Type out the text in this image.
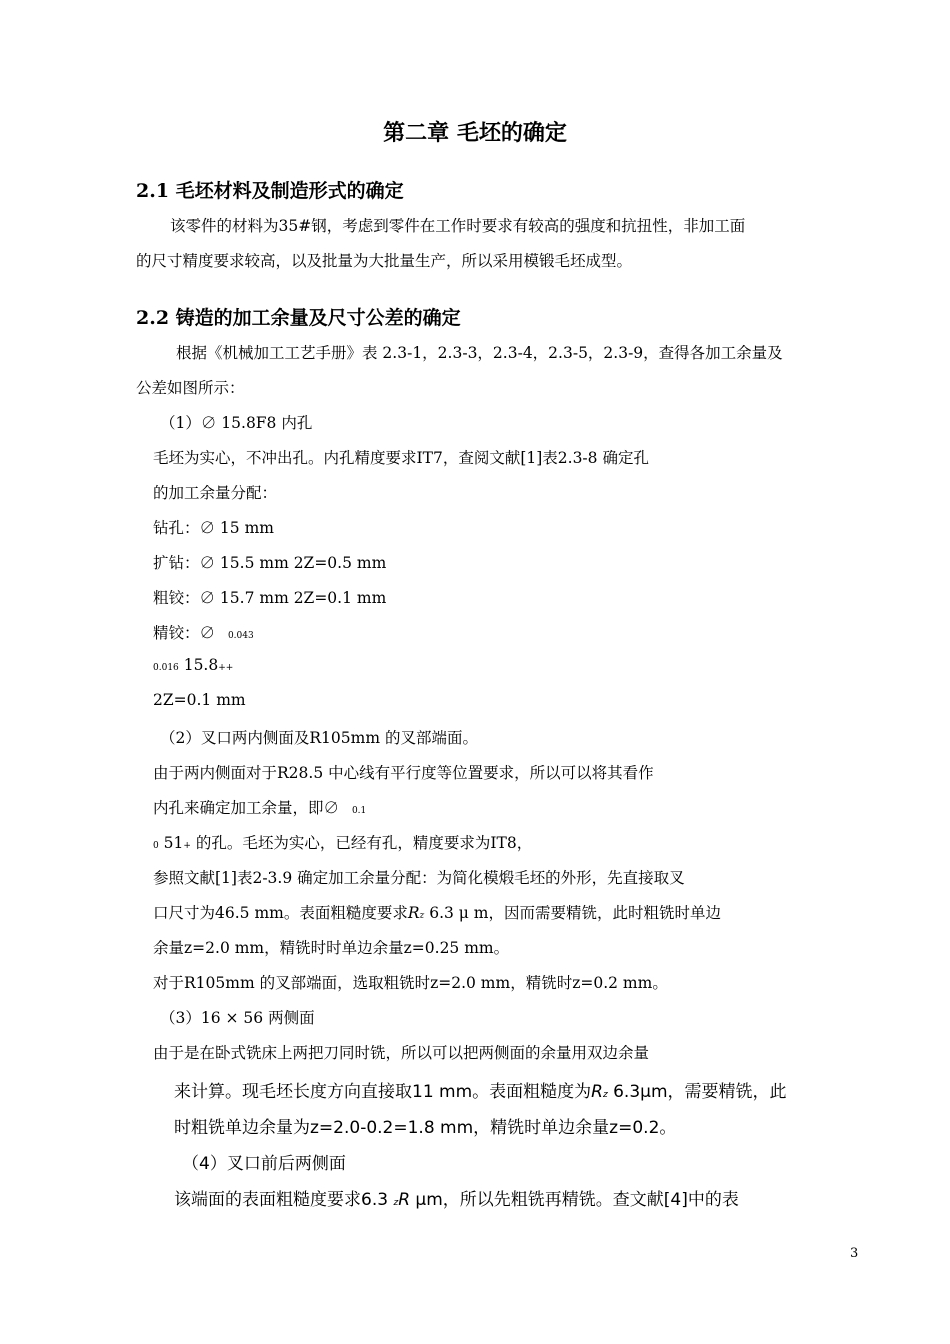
第二章 毛坯的确定
2.1 毛坯材料及制造形式的确定
该零件的材料为35#钢，考虑到零件在工作时要求有较高的强度和抗扭性，非加工面
的尺寸精度要求较高，以及批量为大批量生产，所以采用模锻毛坯成型。
2.2 铸造的加工余量及尺寸公差的确定
根据《机械加工工艺手册》表 2.3-1，2.3-3，2.3-4，2.3-5，2.3-9，查得各加工余量及
公差如图所示：
（1）∅ 15.8F8 内孔
毛坯为实心，不冲出孔。内孔精度要求IT7，查阅文献[1]表2.3-8 确定孔
的加工余量分配：
钻孔：∅ 15 mm
扩钻：∅ 15.5 mm 2Z=0.5 mm
粗铰：∅ 15.7 mm 2Z=0.1 mm
精铰：∅ 0.043
0.016 15.8++
2Z=0.1 mm
（2）叉口两内侧面及R105mm 的叉部端面。
由于两内侧面对于R28.5 中心线有平行度等位置要求，所以可以将其看作
内孔来确定加工余量，即∅ 0.1
0 51+ 的孔。毛坯为实心，已经有孔，精度要求为IT8，
参照文献[1]表2-3.9 确定加工余量分配：为简化模煅毛坯的外形，先直接取叉
口尺寸为46.5 mm。表面粗糙度要求Rz 6.3 μ m，因而需要精铣，此时粗铣时单边
余量z=2.0 mm，精铣时时单边余量z=0.25 mm。
对于R105mm 的叉部端面，选取粗铣时z=2.0 mm，精铣时z=0.2 mm。
（3）16 × 56 两侧面
由于是在卧式铣床上两把刀同时铣，所以可以把两侧面的余量用双边余量
来计算。现毛坯长度方向直接取11 mm。表面粗糙度为Rz 6.3μm，需要精铣，此
时粗铣单边余量为z=2.0-0.2=1.8 mm，精铣时单边余量z=0.2。
（4）叉口前后两侧面
该端面的表面粗糙度要求6.3 zR μm，所以先粗铣再精铣。查文献[4]中的表
3
